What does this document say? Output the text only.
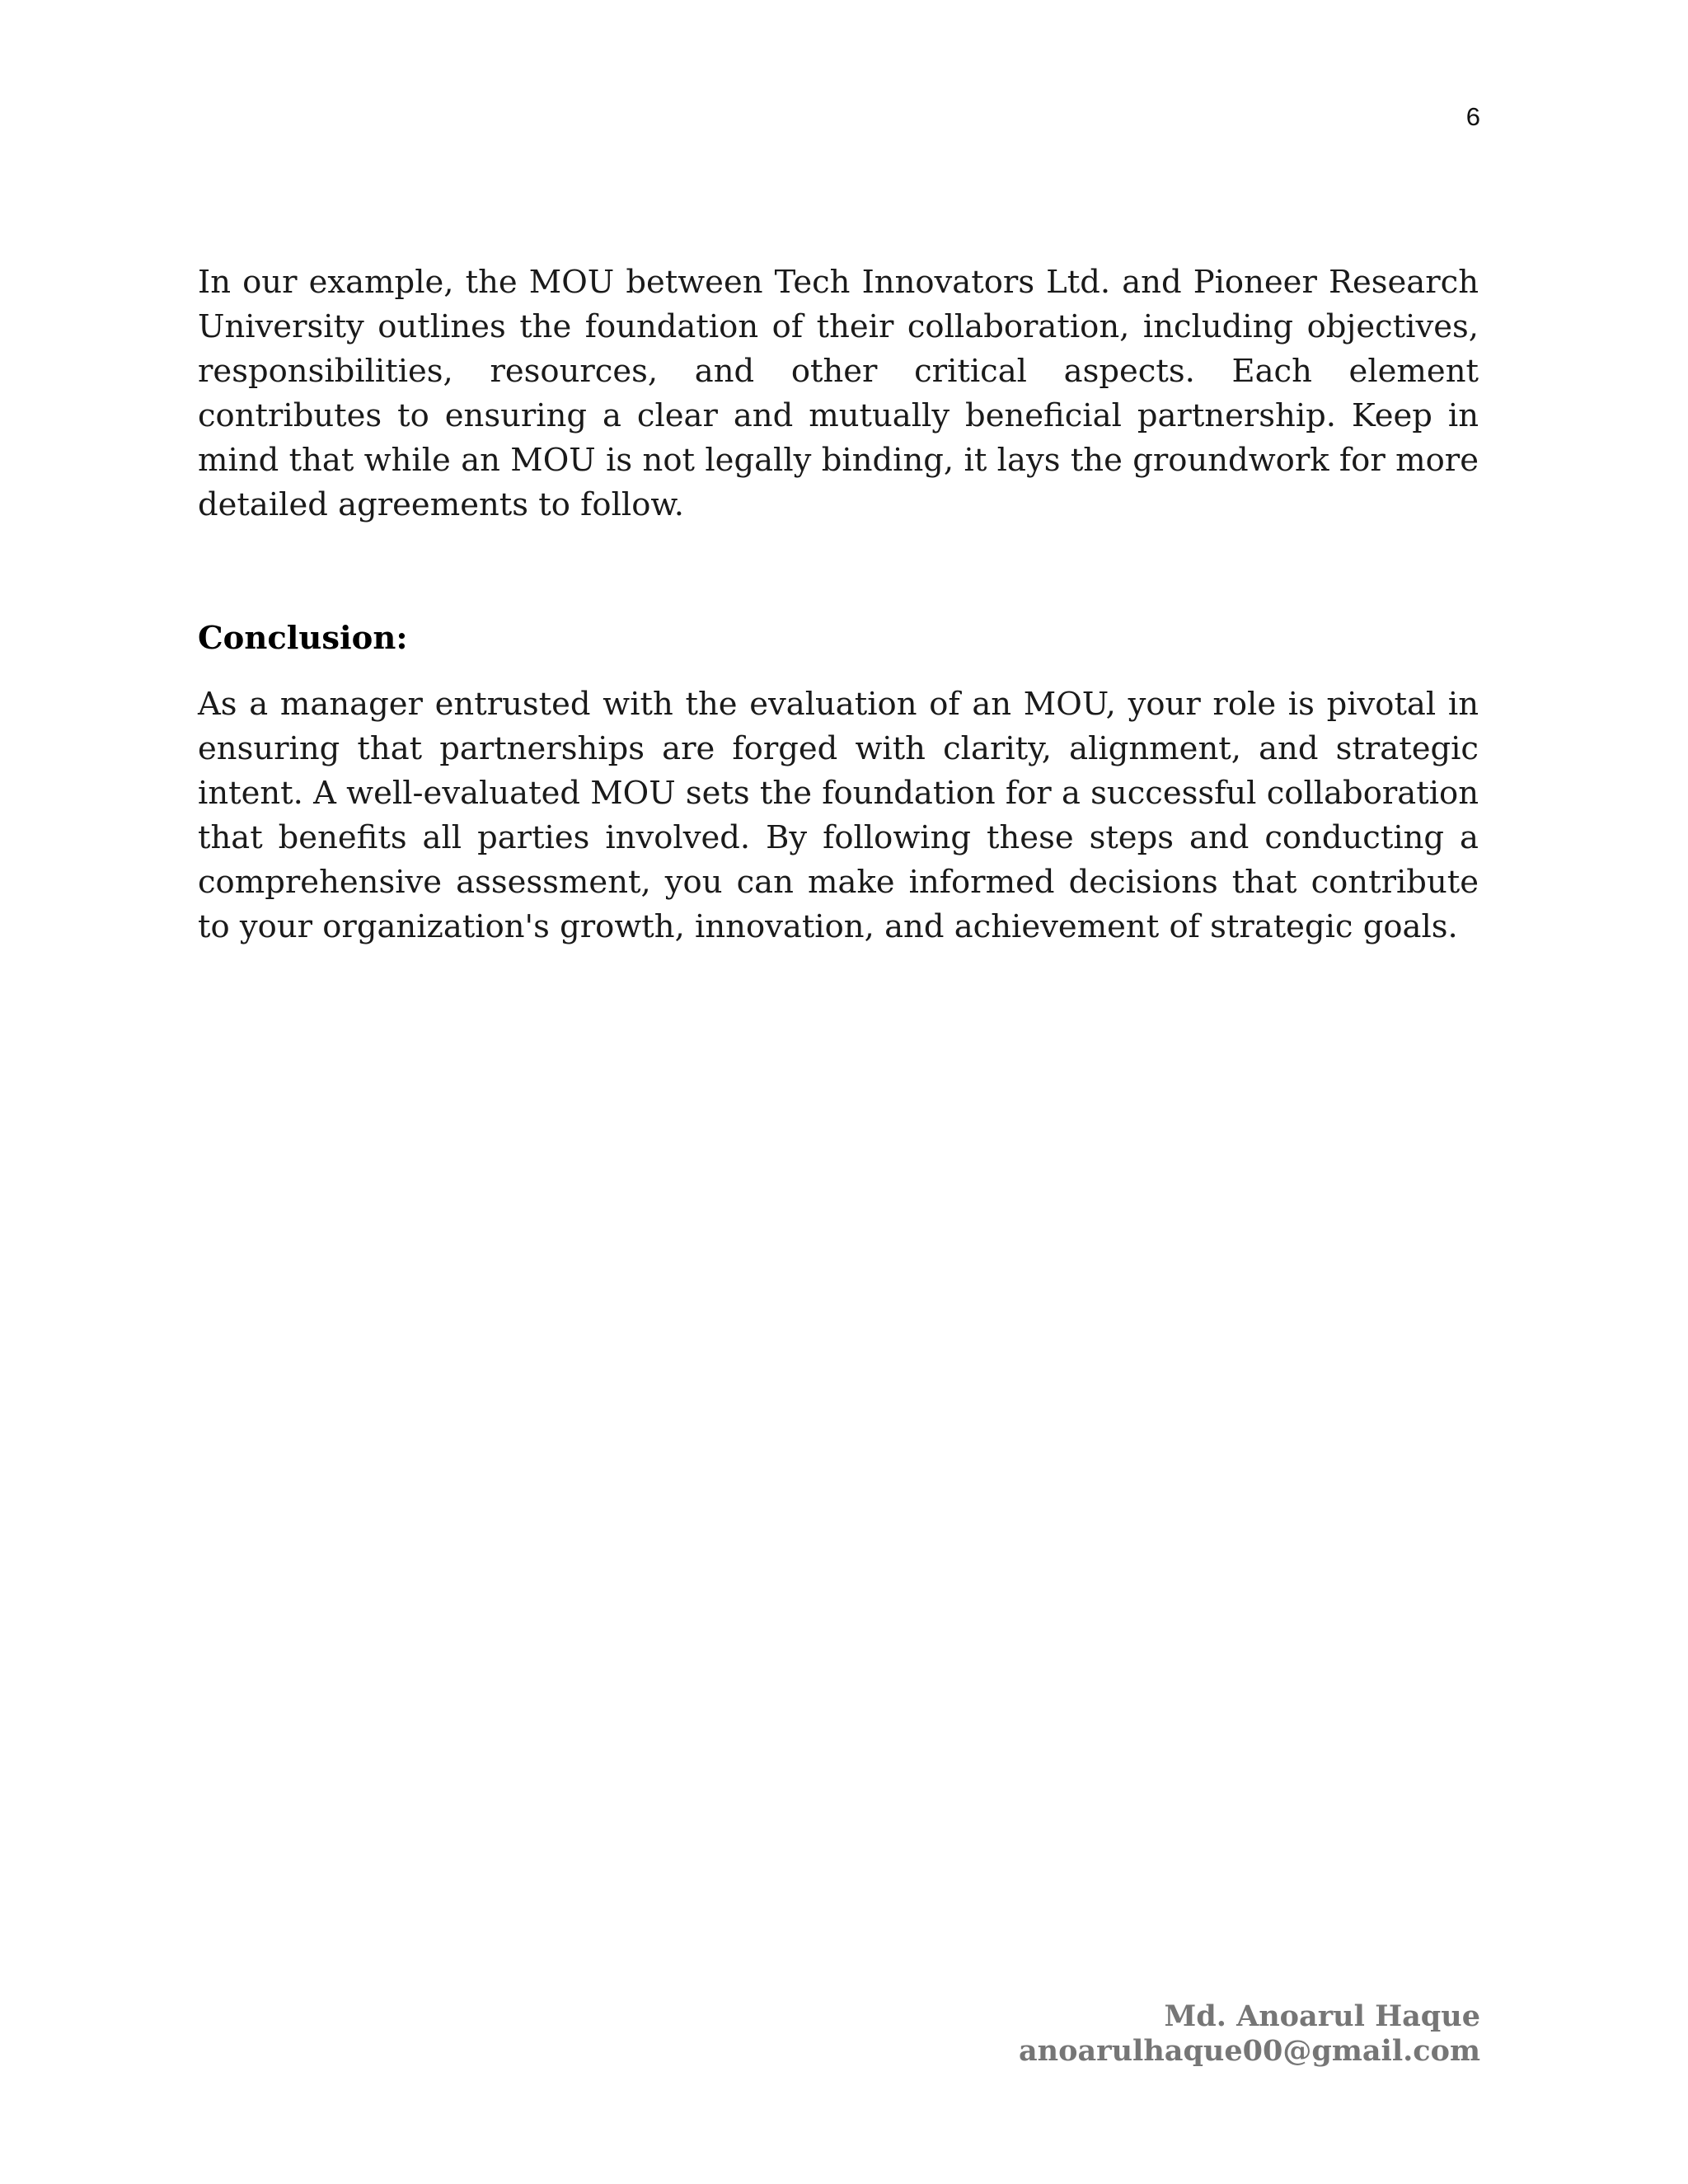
6

In our example, the MOU between Tech Innovators Ltd. and Pioneer Research University outlines the foundation of their collaboration, including objectives, responsibilities, resources, and other critical aspects. Each element contributes to ensuring a clear and mutually beneficial partnership. Keep in mind that while an MOU is not legally binding, it lays the groundwork for more detailed agreements to follow.

Conclusion:

As a manager entrusted with the evaluation of an MOU, your role is pivotal in ensuring that partnerships are forged with clarity, alignment, and strategic intent. A well-evaluated MOU sets the foundation for a successful collaboration that benefits all parties involved. By following these steps and conducting a comprehensive assessment, you can make informed decisions that contribute to your organization's growth, innovation, and achievement of strategic goals.

Md. Anoarul Haque
anoarulhaque00@gmail.com
